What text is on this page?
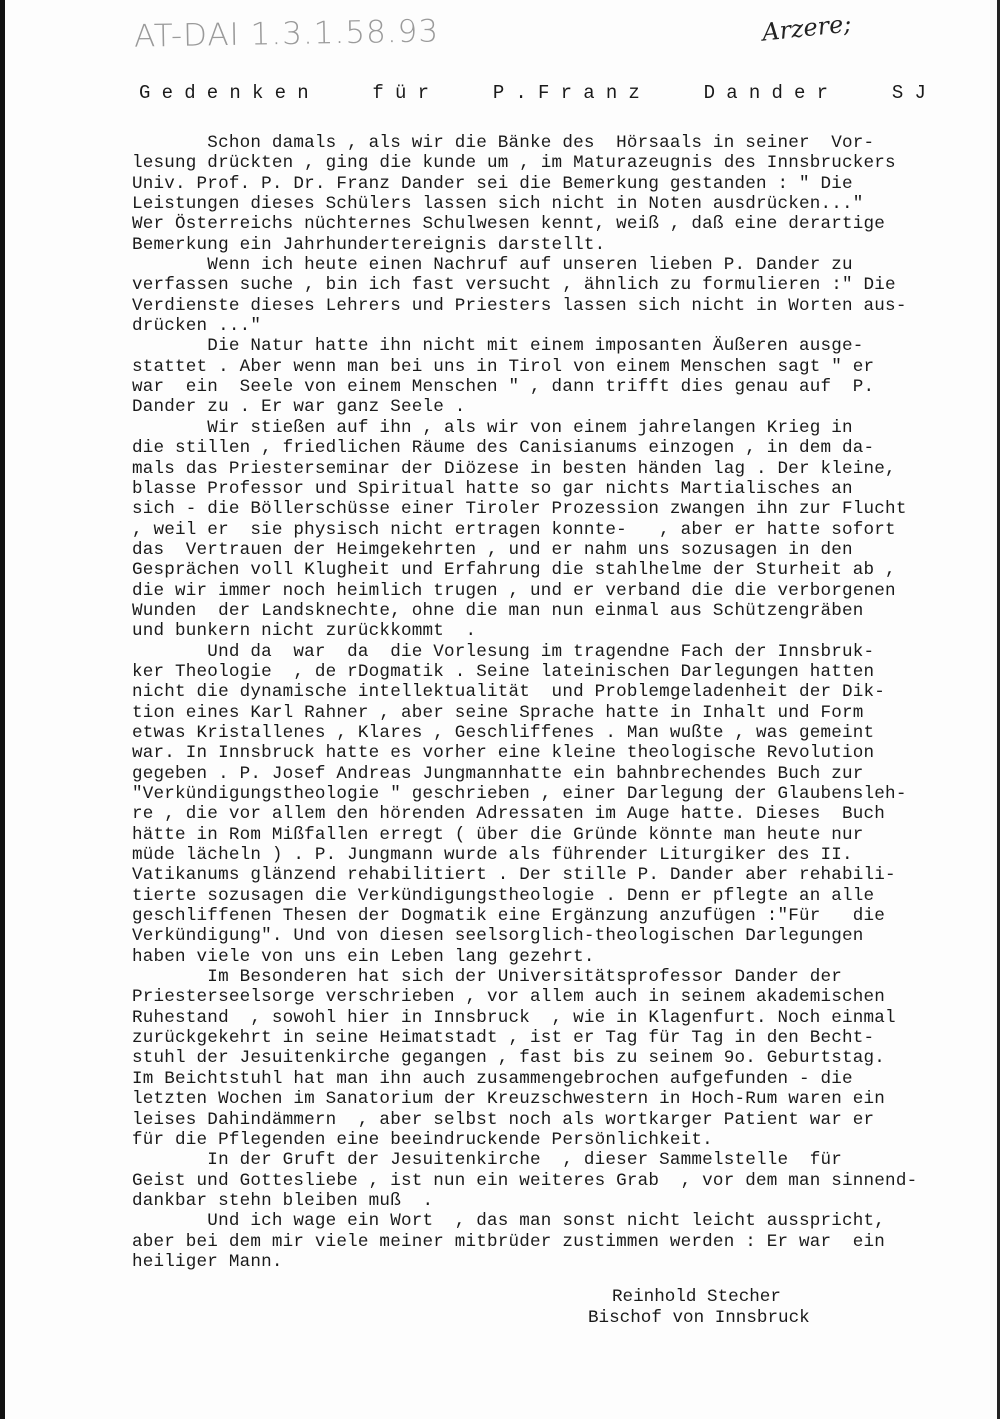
AT-DAI 1.3.1.58.93	Arzere;
Gedenken für P.Franz Dander SJ
Schon damals , als wir die Bänke des  Hörsaals in seiner  Vor-
lesung drückten , ging die kunde um , im Maturazeugnis des Innsbruckers
Univ. Prof. P. Dr. Franz Dander sei die Bemerkung gestanden : " Die
Leistungen dieses Schülers lassen sich nicht in Noten ausdrücken..."
Wer Österreichs nüchternes Schulwesen kennt, weiß , daß eine derartige
Bemerkung ein Jahrhundertereignis darstellt.
Wenn ich heute einen Nachruf auf unseren lieben P. Dander zu
verfassen suche , bin ich fast versucht , ähnlich zu formulieren :" Die
Verdienste dieses Lehrers und Priesters lassen sich nicht in Worten aus-
drücken ..."
Die Natur hatte ihn nicht mit einem imposanten Äußeren ausge-
stattet . Aber wenn man bei uns in Tirol von einem Menschen sagt " er
war  ein  Seele von einem Menschen " , dann trifft dies genau auf  P.
Dander zu . Er war ganz Seele .
Wir stießen auf ihn , als wir von einem jahrelangen Krieg in
die stillen , friedlichen Räume des Canisianums einzogen , in dem da-
mals das Priesterseminar der Diözese in besten händen lag . Der kleine,
blasse Professor und Spiritual hatte so gar nichts Martialisches an
sich - die Böllerschüsse einer Tiroler Prozession zwangen ihn zur Flucht
, weil er  sie physisch nicht ertragen konnte-   , aber er hatte sofort
das  Vertrauen der Heimgekehrten , und er nahm uns sozusagen in den
Gesprächen voll Klugheit und Erfahrung die stahlhelme der Sturheit ab ,
die wir immer noch heimlich trugen , und er verband die die verborgenen
Wunden  der Landsknechte, ohne die man nun einmal aus Schützengräben
und bunkern nicht zurückkommt  .
Und da  war  da  die Vorlesung im tragendne Fach der Innsbruk-
ker Theologie  , de rDogmatik . Seine lateinischen Darlegungen hatten
nicht die dynamische intellektualität  und Problemgeladenheit der Dik-
tion eines Karl Rahner , aber seine Sprache hatte in Inhalt und Form
etwas Kristallenes , Klares , Geschliffenes . Man wußte , was gemeint
war. In Innsbruck hatte es vorher eine kleine theologische Revolution
gegeben . P. Josef Andreas Jungmannhatte ein bahnbrechendes Buch zur
"Verkündigungstheologie " geschrieben , einer Darlegung der Glaubensleh-
re , die vor allem den hörenden Adressaten im Auge hatte. Dieses  Buch
hätte in Rom Mißfallen erregt ( über die Gründe könnte man heute nur
müde lächeln ) . P. Jungmann wurde als führender Liturgiker des II.
Vatikanums glänzend rehabilitiert . Der stille P. Dander aber rehabili-
tierte sozusagen die Verkündigungstheologie . Denn er pflegte an alle
geschliffenen Thesen der Dogmatik eine Ergänzung anzufügen :"Für   die
Verkündigung". Und von diesen seelsorglich-theologischen Darlegungen
haben viele von uns ein Leben lang gezehrt.
Im Besonderen hat sich der Universitätsprofessor Dander der
Priesterseelsorge verschrieben , vor allem auch in seinem akademischen
Ruhestand  , sowohl hier in Innsbruck  , wie in Klagenfurt. Noch einmal
zurückgekehrt in seine Heimatstadt , ist er Tag für Tag in den Becht-
stuhl der Jesuitenkirche gegangen , fast bis zu seinem 9o. Geburtstag.
Im Beichtstuhl hat man ihn auch zusammengebrochen aufgefunden - die
letzten Wochen im Sanatorium der Kreuzschwestern in Hoch-Rum waren ein
leises Dahindämmern  , aber selbst noch als wortkarger Patient war er
für die Pflegenden eine beeindruckende Persönlichkeit.
In der Gruft der Jesuitenkirche  , dieser Sammelstelle  für
Geist und Gottesliebe , ist nun ein weiteres Grab  , vor dem man sinnend-
dankbar stehn bleiben muß  .
Und ich wage ein Wort  , das man sonst nicht leicht ausspricht,
aber bei dem mir viele meiner mitbrüder zustimmen werden : Er war  ein
heiliger Mann.
Reinhold Stecher
Bischof von Innsbruck
